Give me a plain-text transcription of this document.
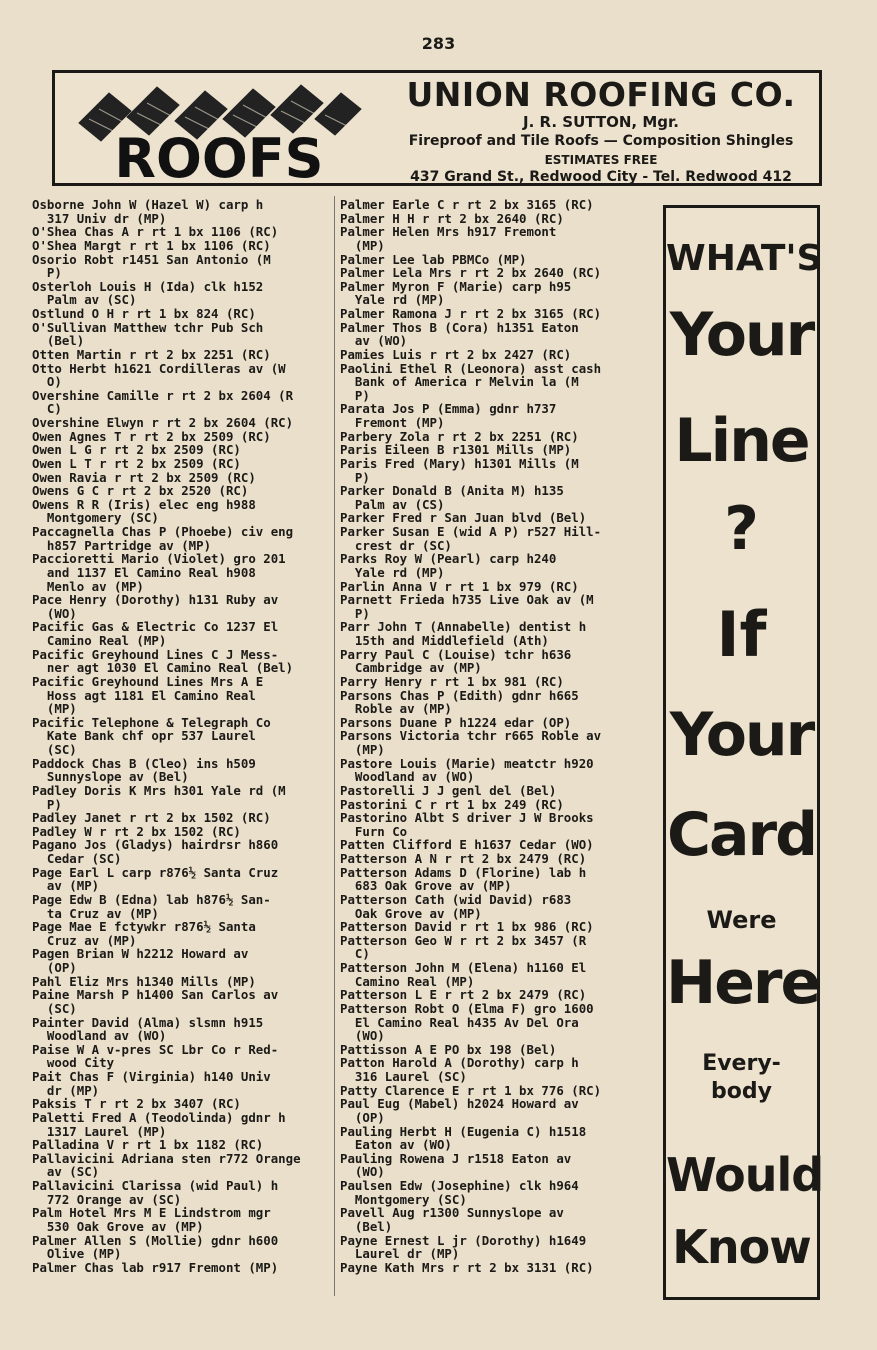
283
ROOFS
UNION ROOFING CO.
J. R. SUTTON, Mgr.
Fireproof and Tile Roofs — Composition Shingles
ESTIMATES FREE
437 Grand St., Redwood City - Tel. Redwood 412
Osborne John W (Hazel W) carp h
317 Univ dr (MP)
O'Shea Chas A r rt 1 bx 1106 (RC)
O'Shea Margt r rt 1 bx 1106 (RC)
Osorio Robt r1451 San Antonio (M
P)
Osterloh Louis H (Ida) clk h152
Palm av (SC)
Ostlund O H r rt 1 bx 824 (RC)
O'Sullivan Matthew tchr Pub Sch
(Bel)
Otten Martin r rt 2 bx 2251 (RC)
Otto Herbt h1621 Cordilleras av (W
O)
Overshine Camille r rt 2 bx 2604 (R
C)
Overshine Elwyn r rt 2 bx 2604 (RC)
Owen Agnes T r rt 2 bx 2509 (RC)
Owen L G r rt 2 bx 2509 (RC)
Owen L T r rt 2 bx 2509 (RC)
Owen Ravia r rt 2 bx 2509 (RC)
Owens G C r rt 2 bx 2520 (RC)
Owens R R (Iris) elec eng h988
Montgomery (SC)
Paccagnella Chas P (Phoebe) civ eng
h857 Partridge av (MP)
Paccioretti Mario (Violet) gro 201
and 1137 El Camino Real h908
Menlo av (MP)
Pace Henry (Dorothy) h131 Ruby av
(WO)
Pacific Gas & Electric Co 1237 El
Camino Real (MP)
Pacific Greyhound Lines C J Mess-
ner agt 1030 El Camino Real (Bel)
Pacific Greyhound Lines Mrs A E
Hoss agt 1181 El Camino Real
(MP)
Pacific Telephone & Telegraph Co
Kate Bank chf opr 537 Laurel
(SC)
Paddock Chas B (Cleo) ins h509
Sunnyslope av (Bel)
Padley Doris K Mrs h301 Yale rd (M
P)
Padley Janet r rt 2 bx 1502 (RC)
Padley W r rt 2 bx 1502 (RC)
Pagano Jos (Gladys) hairdrsr h860
Cedar (SC)
Page Earl L carp r876½ Santa Cruz
av (MP)
Page Edw B (Edna) lab h876½ San-
ta Cruz av (MP)
Page Mae E fctywkr r876½ Santa
Cruz av (MP)
Pagen Brian W h2212 Howard av
(OP)
Pahl Eliz Mrs h1340 Mills (MP)
Paine Marsh P h1400 San Carlos av
(SC)
Painter David (Alma) slsmn h915
Woodland av (WO)
Paise W A v-pres SC Lbr Co r Red-
wood City
Pait Chas F (Virginia) h140 Univ
dr (MP)
Paksis T r rt 2 bx 3407 (RC)
Paletti Fred A (Teodolinda) gdnr h
1317 Laurel (MP)
Palladina V r rt 1 bx 1182 (RC)
Pallavicini Adriana sten r772 Orange
av (SC)
Pallavicini Clarissa (wid Paul) h
772 Orange av (SC)
Palm Hotel Mrs M E Lindstrom mgr
530 Oak Grove av (MP)
Palmer Allen S (Mollie) gdnr h600
Olive (MP)
Palmer Chas lab r917 Fremont (MP)
Palmer Earle C r rt 2 bx 3165 (RC)
Palmer H H r rt 2 bx 2640 (RC)
Palmer Helen Mrs h917 Fremont
(MP)
Palmer Lee lab PBMCo (MP)
Palmer Lela Mrs r rt 2 bx 2640 (RC)
Palmer Myron F (Marie) carp h95
Yale rd (MP)
Palmer Ramona J r rt 2 bx 3165 (RC)
Palmer Thos B (Cora) h1351 Eaton
av (WO)
Pamies Luis r rt 2 bx 2427 (RC)
Paolini Ethel R (Leonora) asst cash
Bank of America r Melvin la (M
P)
Parata Jos P (Emma) gdnr h737
Fremont (MP)
Parbery Zola r rt 2 bx 2251 (RC)
Paris Eileen B r1301 Mills (MP)
Paris Fred (Mary) h1301 Mills (M
P)
Parker Donald B (Anita M) h135
Palm av (CS)
Parker Fred r San Juan blvd (Bel)
Parker Susan E (wid A P) r527 Hill-
crest dr (SC)
Parks Roy W (Pearl) carp h240
Yale rd (MP)
Parlin Anna V r rt 1 bx 979 (RC)
Parnett Frieda h735 Live Oak av (M
P)
Parr John T (Annabelle) dentist h
15th and Middlefield (Ath)
Parry Paul C (Louise) tchr h636
Cambridge av (MP)
Parry Henry r rt 1 bx 981 (RC)
Parsons Chas P (Edith) gdnr h665
Roble av (MP)
Parsons Duane P h1224 edar (OP)
Parsons Victoria tchr r665 Roble av
(MP)
Pastore Louis (Marie) meatctr h920
Woodland av (WO)
Pastorelli J J genl del (Bel)
Pastorini C r rt 1 bx 249 (RC)
Pastorino Albt S driver J W Brooks
Furn Co
Patten Clifford E h1637 Cedar (WO)
Patterson A N r rt 2 bx 2479 (RC)
Patterson Adams D (Florine) lab h
683 Oak Grove av (MP)
Patterson Cath (wid David) r683
Oak Grove av (MP)
Patterson David r rt 1 bx 986 (RC)
Patterson Geo W r rt 2 bx 3457 (R
C)
Patterson John M (Elena) h1160 El
Camino Real (MP)
Patterson L E r rt 2 bx 2479 (RC)
Patterson Robt O (Elma F) gro 1600
El Camino Real h435 Av Del Ora
(WO)
Pattisson A E PO bx 198 (Bel)
Patton Harold A (Dorothy) carp h
316 Laurel (SC)
Patty Clarence E r rt 1 bx 776 (RC)
Paul Eug (Mabel) h2024 Howard av
(OP)
Pauling Herbt H (Eugenia C) h1518
Eaton av (WO)
Pauling Rowena J r1518 Eaton av
(WO)
Paulsen Edw (Josephine) clk h964
Montgomery (SC)
Pavell Aug r1300 Sunnyslope av
(Bel)
Payne Ernest L jr (Dorothy) h1649
Laurel dr (MP)
Payne Kath Mrs r rt 2 bx 3131 (RC)
WHAT'S
Your
Line
?
If
Your
Card
Were
Here
Every-
body
Would
Know
